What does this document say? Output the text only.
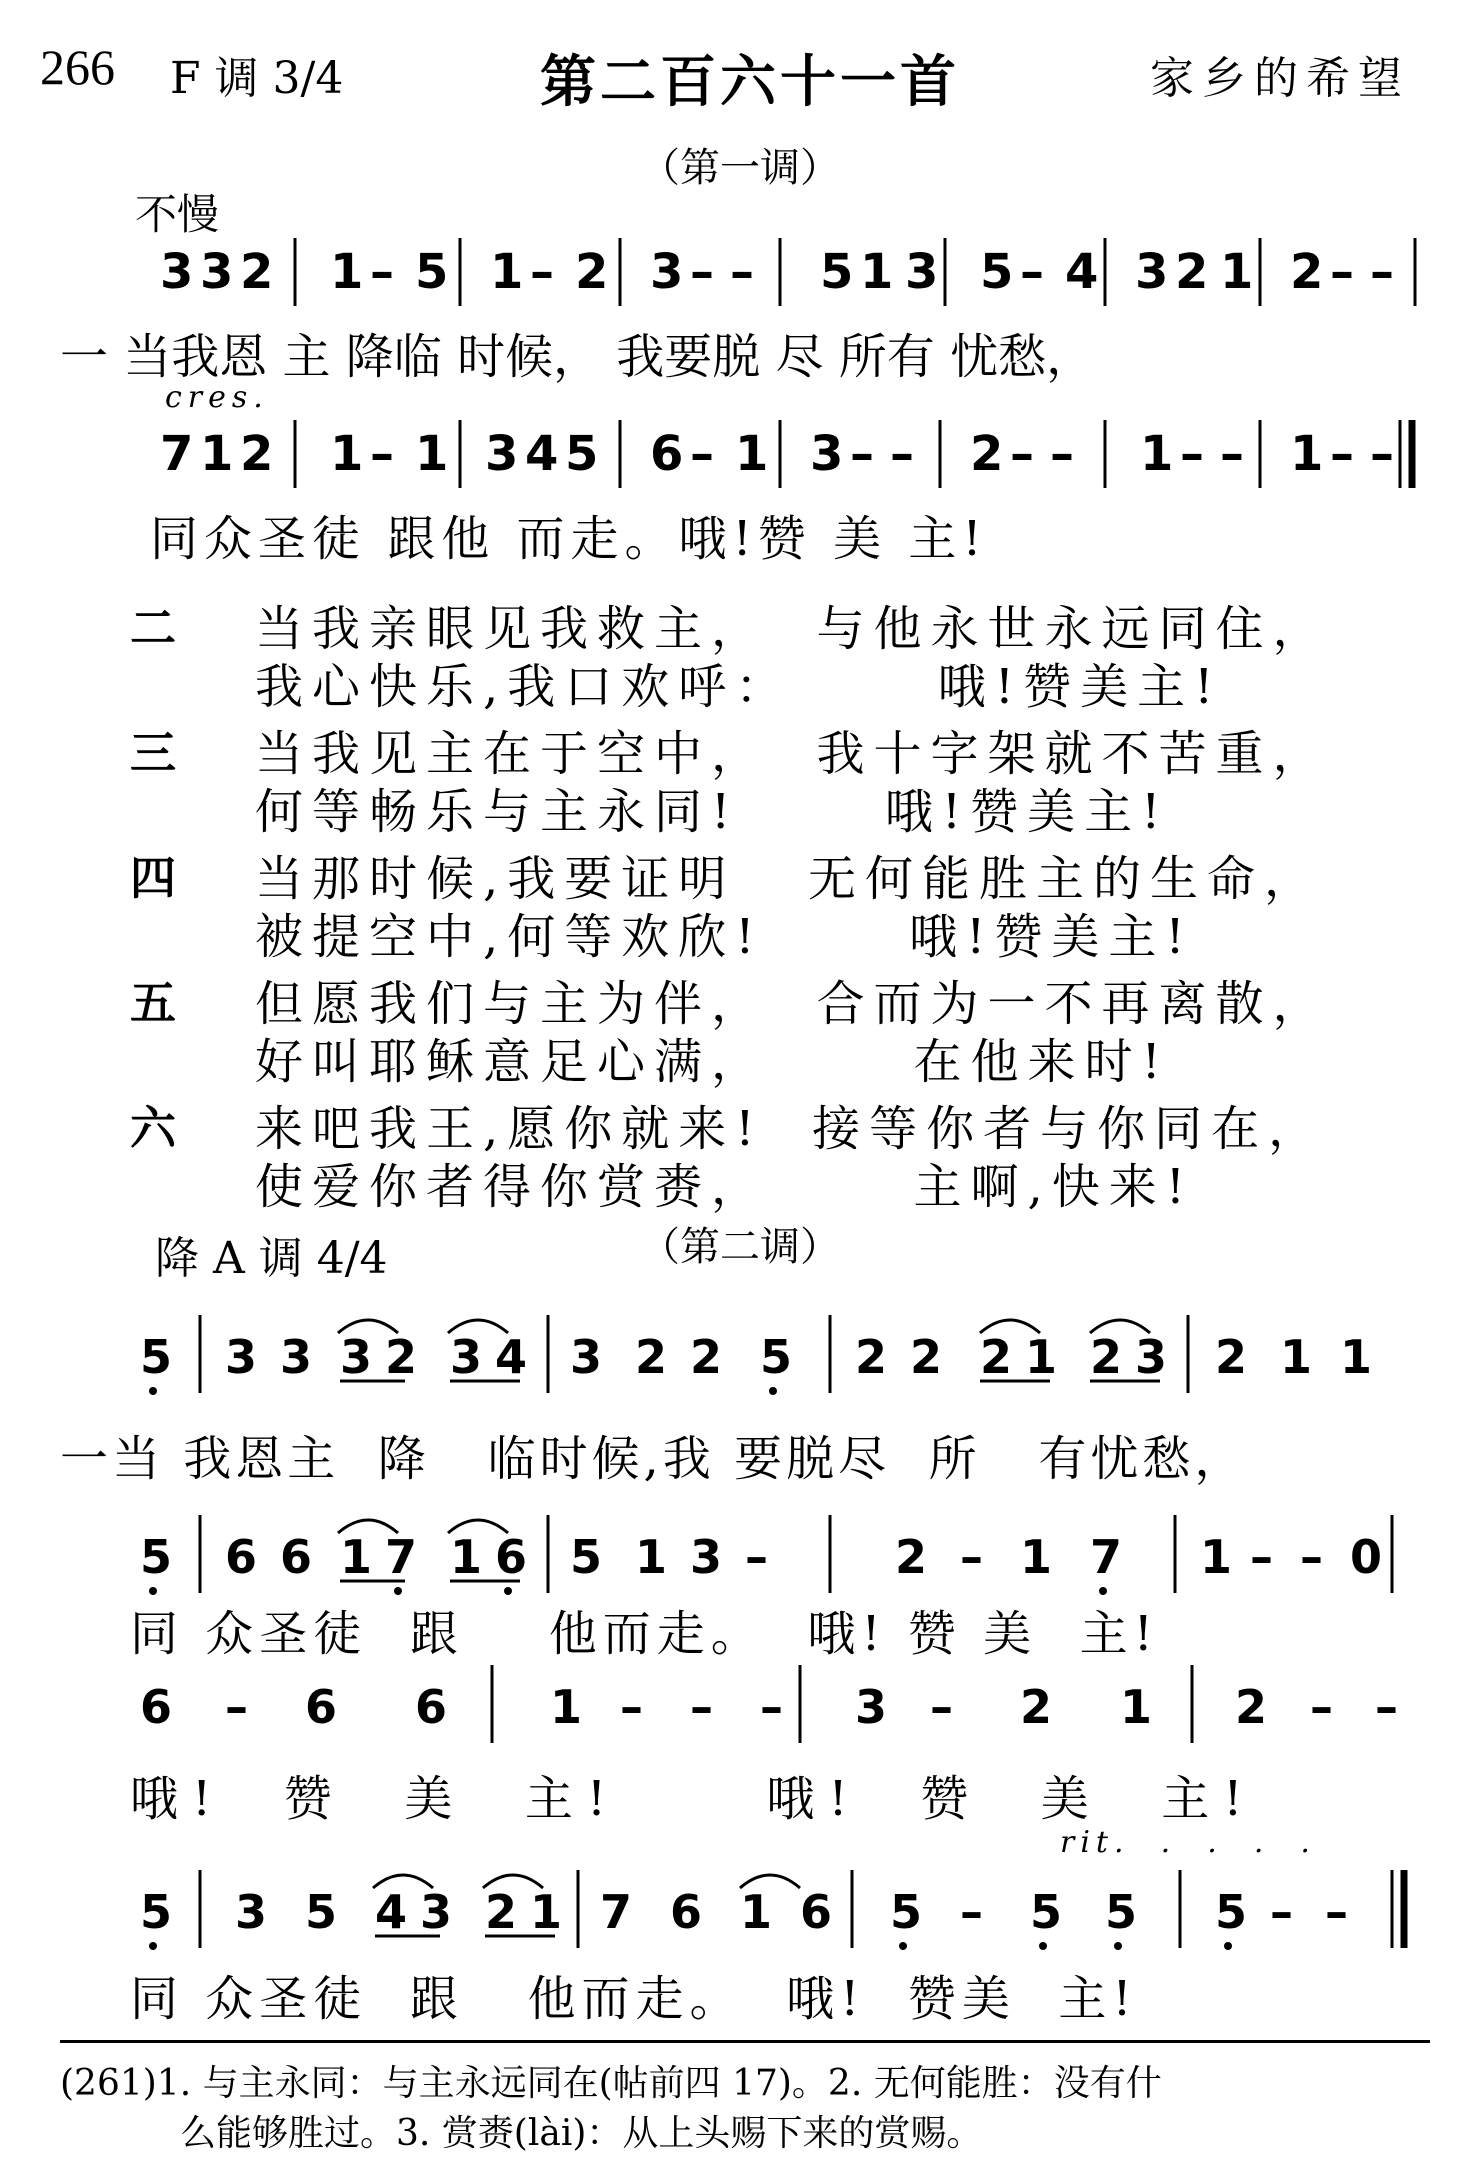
266 F 调 3/4	第二百六十一首	家乡的希望
（第一调）
不慢
3 3 2 1 – 5 1 – 2 3 – – 5 1 3 5 – 4 3 2 1 2 – –
一 当我恩 主 降临 时候， 我要脱 尽 所有 忧愁，
cres.
7 1 2 1 – 1 3 4 5 6 – 1 3 – – 2 – – 1 – – 1 – –
同众圣徒 跟他 而走。哦!赞 美 主!
二 当我亲眼见我救主，  与他永世永远同住，
我心快乐,我口欢呼：      哦!赞美主!
三 当我见主在于空中，  我十字架就不苦重，
何等畅乐与主永同!      哦!赞美主!
四 当那时候,我要证明   无何能胜主的生命，
被提空中,何等欢欣!      哦!赞美主!
五 但愿我们与主为伴，  合而为一不再离散，
好叫耶稣意足心满，      在他来时!
六 来吧我王,愿你就来!  接等你者与你同在，
使爱你者得你赏赉，      主啊,快来!
降 A 调 4/4	（第二调）
5 3 3 3 2 3 4 3 2 2 5 2 2 2 1 2 3 2 1 1
一当 我恩主  降   临时候,我 要脱尽  所   有忧愁，
5 6 6 1 7 1 6 5 1 3 –	2 – 1 7 1 – – 0
同 众圣徒  跟    他而走。  哦! 赞 美  主!
6 – 6 6 1 – – – 3 – 2 1 2 – –
哦!  赞  美  主!     哦!  赞  美  主!
rit.  .  .  .  .
5 3 5 4 3 2 1 7 6 1 6 5 – 5 5 5 – –
同 众圣徒  跟   他而走。  哦!  赞美  主!
(261)1. 与主永同：与主永远同在(帖前四 17)。2. 无何能胜：没有什
么能够胜过。3. 赏赉(lài)：从上头赐下来的赏赐。
